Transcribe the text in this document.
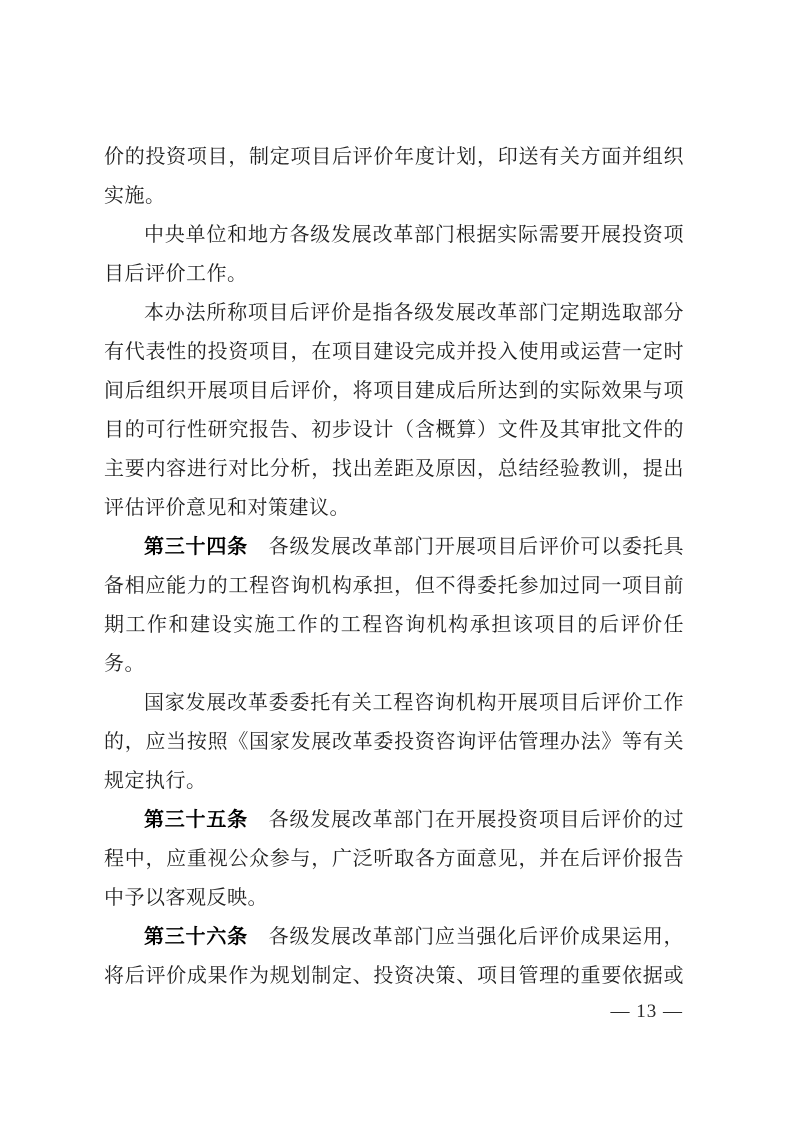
价的投资项目，制定项目后评价年度计划，印送有关方面并组织
实施。
中央单位和地方各级发展改革部门根据实际需要开展投资项
目后评价工作。
本办法所称项目后评价是指各级发展改革部门定期选取部分
有代表性的投资项目，在项目建设完成并投入使用或运营一定时
间后组织开展项目后评价，将项目建成后所达到的实际效果与项
目的可行性研究报告、初步设计（含概算）文件及其审批文件的
主要内容进行对比分析，找出差距及原因，总结经验教训，提出
评估评价意见和对策建议。
第三十四条　各级发展改革部门开展项目后评价可以委托具
备相应能力的工程咨询机构承担，但不得委托参加过同一项目前
期工作和建设实施工作的工程咨询机构承担该项目的后评价任
务。
国家发展改革委委托有关工程咨询机构开展项目后评价工作
的，应当按照《国家发展改革委投资咨询评估管理办法》等有关
规定执行。
第三十五条　各级发展改革部门在开展投资项目后评价的过
程中，应重视公众参与，广泛听取各方面意见，并在后评价报告
中予以客观反映。
第三十六条　各级发展改革部门应当强化后评价成果运用，
将后评价成果作为规划制定、投资决策、项目管理的重要依据或
— 13 —
